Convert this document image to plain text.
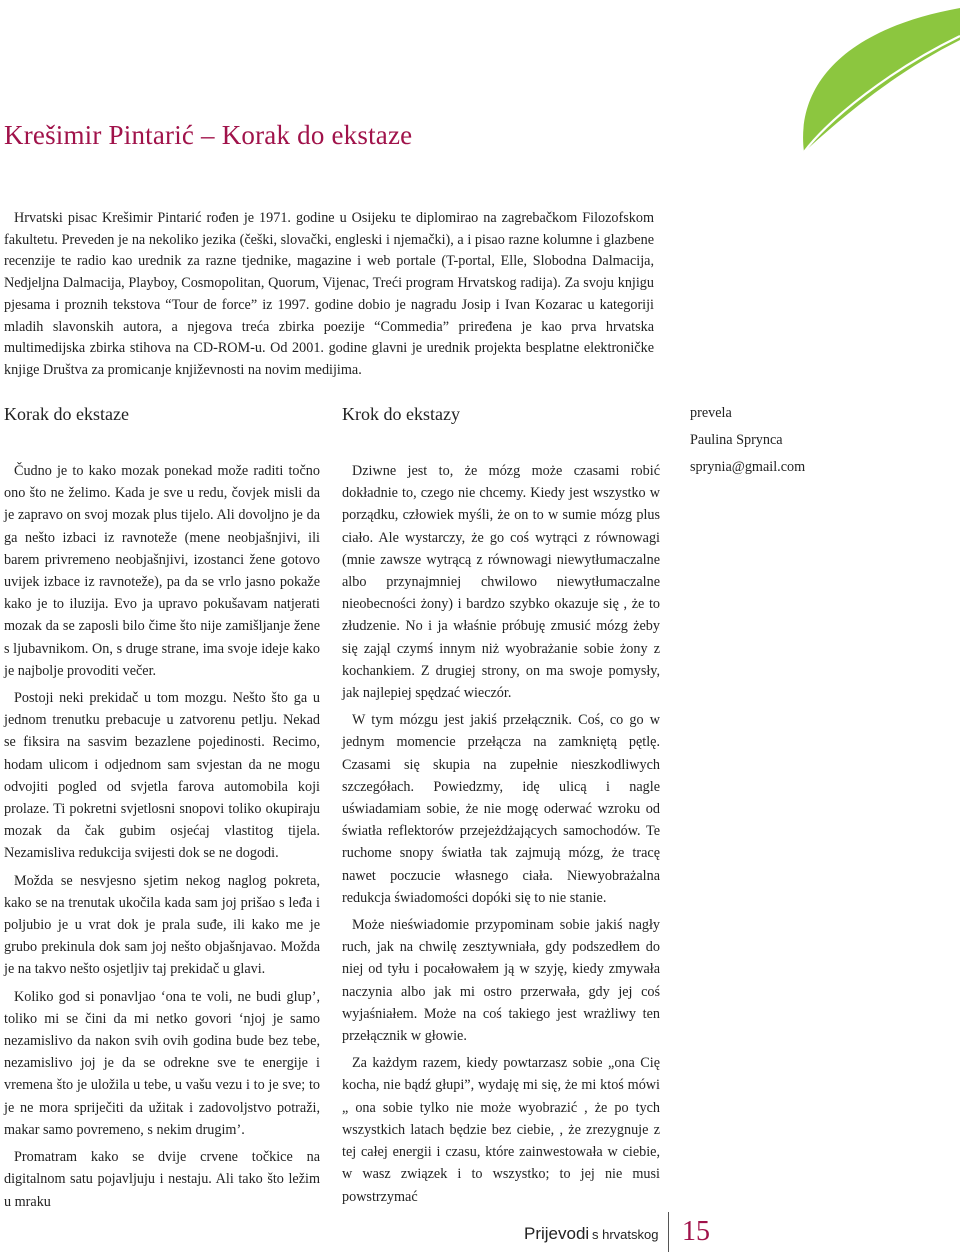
Krešimir Pintarić – Korak do ekstaze

Hrvatski pisac Krešimir Pintarić rođen je 1971. godine u Osijeku te diplomirao na zagrebačkom Filozofskom fakultetu. Preveden je na nekoliko jezika (češki, slovački, engleski i njemački), a i pisao razne kolumne i glazbene recenzije te radio kao urednik za razne tjednike, magazine i web portale (T-portal, Elle, Slobodna Dalmacija, Nedjeljna Dalmacija, Playboy, Cosmopolitan, Quorum, Vijenac, Treći program Hrvatskog radija). Za svoju knjigu pjesama i proznih tekstova “Tour de force” iz 1997. godine dobio je nagradu Josip i Ivan Kozarac u kategoriji mladih slavonskih autora, a njegova treća zbirka poezije “Commedia” priređena je kao prva hrvatska multimedijska zbirka stihova na CD-ROM-u. Od 2001. godine glavni je urednik projekta besplatne elektroničke knjige Društva za promicanje književnosti na novim medijima.

Korak do ekstaze

Čudno je to kako mozak ponekad može raditi točno ono što ne želimo. Kada je sve u redu, čovjek misli da je zapravo on svoj mozak plus tijelo. Ali dovoljno je da ga nešto izbaci iz ravnoteže (mene neobjašnjivi, ili barem privremeno neobjašnjivi, izostanci žene gotovo uvijek izbace iz ravnoteže), pa da se vrlo jasno pokaže kako je to iluzija. Evo ja upravo pokušavam natjerati mozak da se zaposli bilo čime što nije zamišljanje žene s ljubavnikom. On, s druge strane, ima svoje ideje kako je najbolje provoditi večer.

Postoji neki prekidač u tom mozgu. Nešto što ga u jednom trenutku prebacuje u zatvorenu petlju. Nekad se fiksira na sasvim bezazlene pojedinosti. Recimo, hodam ulicom i odjednom sam svjestan da ne mogu odvojiti pogled od svjetla farova automobila koji prolaze. Ti pokretni svjetlosni snopovi toliko okupiraju mozak da čak gubim osjećaj vlastitog tijela. Nezamisliva redukcija svijesti dok se ne dogodi.

Možda se nesvjesno sjetim nekog naglog pokreta, kako se na trenutak ukočila kada sam joj prišao s leđa i poljubio je u vrat dok je prala suđe, ili kako me je grubo prekinula dok sam joj nešto objašnjavao. Možda je na takvo nešto osjetljiv taj prekidač u glavi.

Koliko god si ponavljao ‘ona te voli, ne budi glup’, toliko mi se čini da mi netko govori ‘njoj je samo nezamislivo da nakon svih ovih godina bude bez tebe, nezamislivo joj je da se odrekne sve te energije i vremena što je uložila u tebe, u vašu vezu i to je sve; to je ne mora spriječiti da užitak i zadovoljstvo potraži, makar samo povremeno, s nekim drugim’.

Promatram kako se dvije crvene točkice na digitalnom satu pojavljuju i nestaju. Ali tako što ležim u mraku

Krok do ekstazy

Dziwne jest to, że mózg może czasami robić dokładnie to, czego nie chcemy. Kiedy jest wszystko w porządku, człowiek myśli, że on to w sumie mózg plus ciało. Ale wystarczy, że go coś wytrąci z równowagi (mnie zawsze wytrącą z równowagi niewytłumaczalne albo przynajmniej chwilowo niewytłumaczalne nieobecności żony) i bardzo szybko okazuje się , że to złudzenie. No i ja właśnie próbuję zmusić mózg żeby się zająl czymś innym niż wyobrażanie sobie żony z kochankiem. Z drugiej strony, on ma swoje pomysły, jak najlepiej spędzać wieczór.

W tym mózgu jest jakiś przełącznik. Coś, co go w jednym momencie przełącza na zamkniętą pętlę. Czasami się skupia na zupełnie nieszkodliwych szczegółach. Powiedzmy, idę ulicą i nagle uświadamiam sobie, że nie mogę oderwać wzroku od światła reflektorów przejeżdżających samochodów. Te ruchome snopy światła tak zajmują mózg, że tracę nawet poczucie własnego ciała. Niewyobrażalna redukcja świadomości dopóki się to nie stanie.

Może nieświadomie przypominam sobie jakiś nagły ruch, jak na chwilę zesztywniała, gdy podszedłem do niej od tyłu i pocałowałem ją w szyję, kiedy zmywała naczynia albo jak mi ostro przerwała, gdy jej coś wyjaśniałem. Może na coś takiego jest wrażliwy ten przełącznik w głowie.

Za każdym razem, kiedy powtarzasz sobie „ona Cię kocha, nie bądź głupi”, wydaję mi się, że mi ktoś mówi „ ona sobie tylko nie może wyobrazić , że po tych wszystkich latach będzie bez ciebie, , że zrezygnuje z tej całej energii i czasu, które zainwestowała w ciebie, w wasz związek i to wszystko; to jej nie musi powstrzymać

prevela

Paulina Sprynca

sprynia@gmail.com

Prijevodi s hrvatskog 15
